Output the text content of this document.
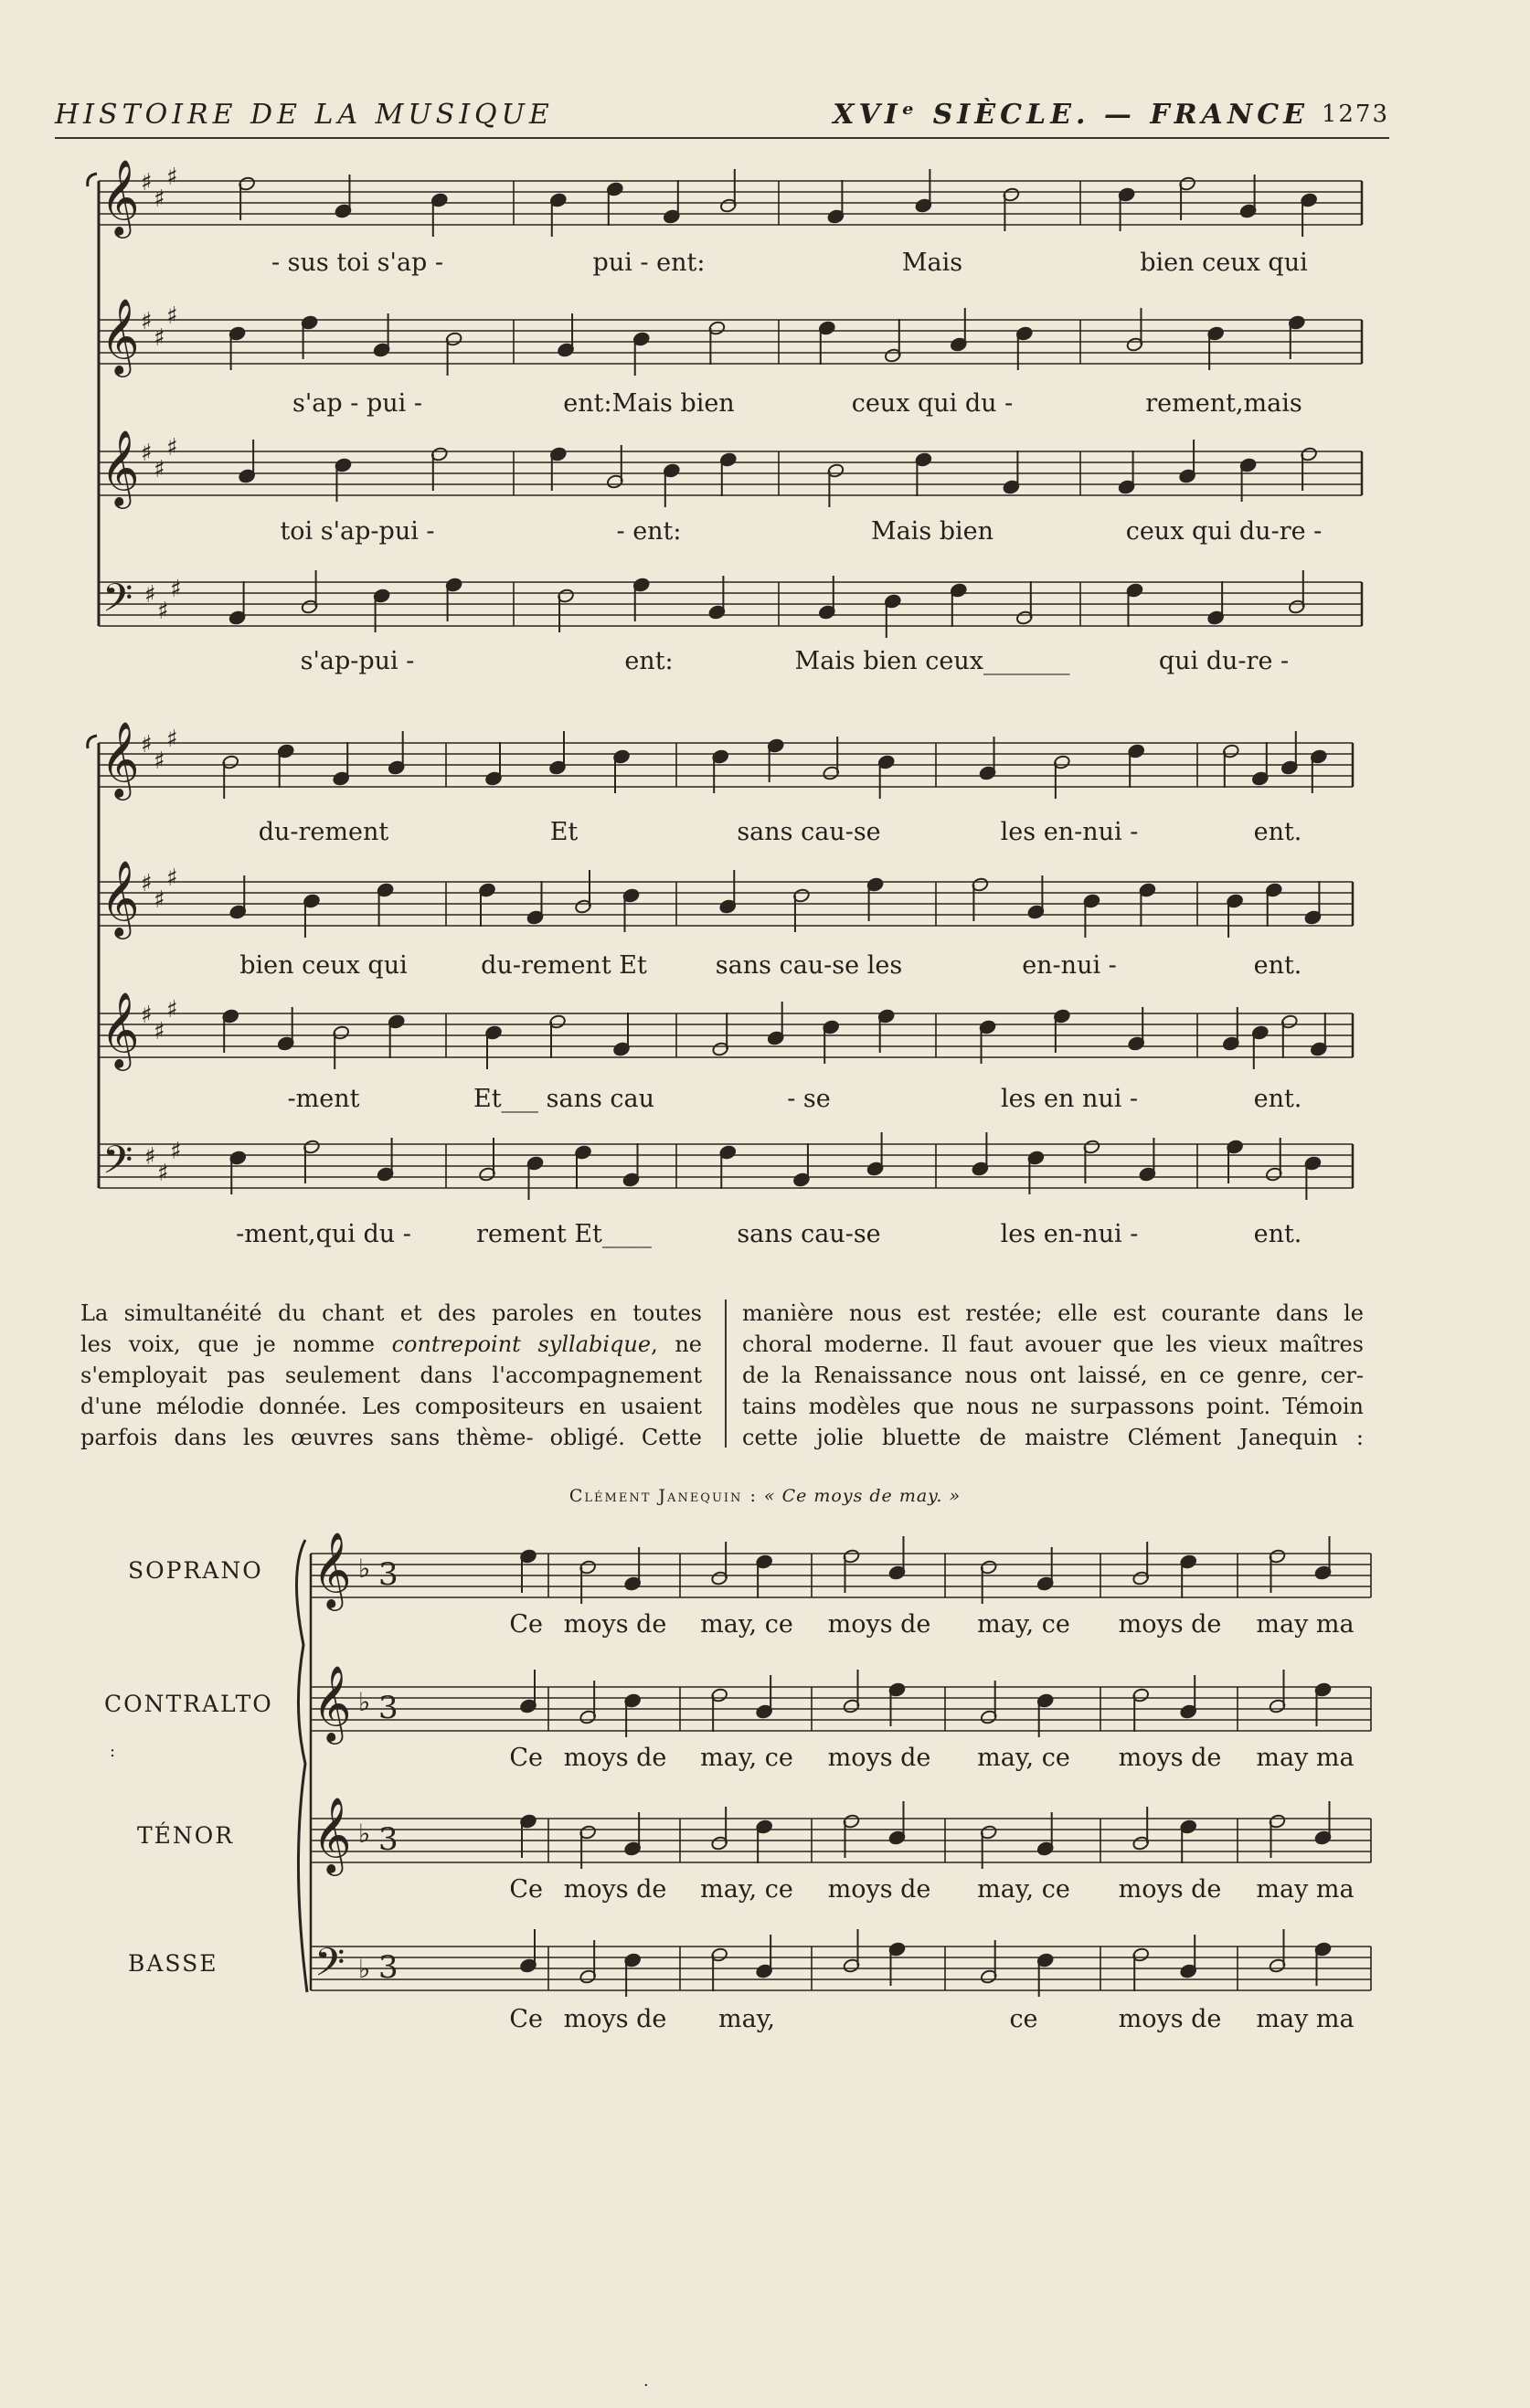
HISTOIRE DE LA MUSIQUE	XVIᵉ SIÈCLE. — FRANCE 1273
𝄞 ♯
♯
♯
𝄞 ♯
♯
♯
𝄞 ♯
♯
♯
𝄢 ♯
♯
♯
- sus toi s'ap -	pui - ent:	Mais	bien ceux qui
s'ap - pui -	ent:Mais bien	ceux qui du -	rement,mais
toi s'ap-pui -	- ent:	Mais bien	ceux qui du-re -
s'ap-pui -	ent:	Mais bien ceux_______	qui du-re -
𝄞 ♯
♯
♯
𝄞 ♯
♯
♯
𝄞 ♯
♯
♯
𝄢 ♯
♯
♯
du-rement	Et	sans cau-se	les en-nui -	ent.
bien ceux qui	du-rement Et	sans cau-se les	en-nui -	ent.
-ment	Et___ sans cau	- se	les en nui -	ent.
-ment,qui du -	rement Et____	sans cau-se	les en-nui -	ent.
La simultanéité du chant et des paroles en toutes
les voix, que je nomme contrepoint syllabique, ne
s'employait pas seulement dans l'accompagnement
d'une mélodie donnée. Les compositeurs en usaient
parfois dans les œuvres sans thème- obligé. Cette
manière nous est restée; elle est courante dans le
choral moderne. Il faut avouer que les vieux maîtres
de la Renaissance nous ont laissé, en ce genre, cer-
tains modèles que nous ne surpassons point. Témoin
cette jolie bluette de maistre Clément Janequin :
Clément Janequin : « Ce moys de may. »
𝄞 ♭ 3
𝄞 ♭ 3
𝄞 ♭ 3
𝄢 ♭ 3
SOPRANO
Ce moys de	may, ce	moys de	may, ce	moys de	may ma
CONTRALTO
Ce moys de	may, ce	moys de	may, ce	moys de	may ma
TÉNOR
Ce moys de	may, ce	moys de	may, ce	moys de	may ma
BASSE
Ce moys de	may,	ce	moys de	may ma
:
·
